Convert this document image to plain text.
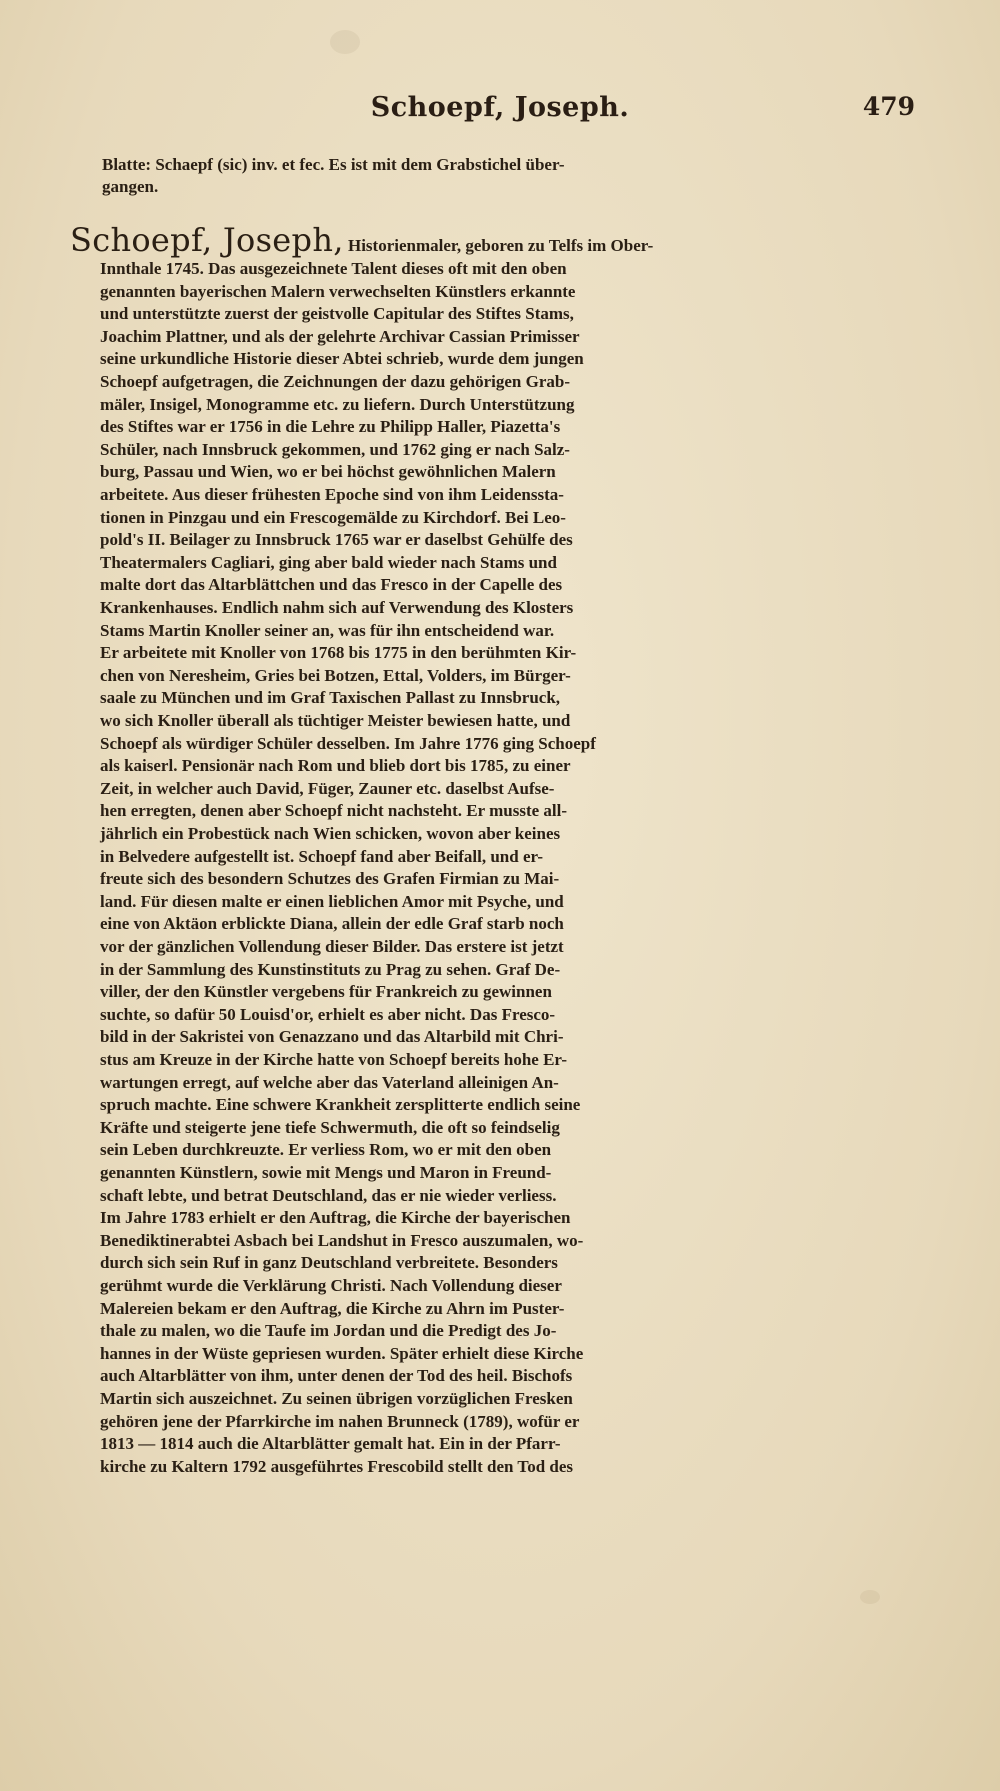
Schoepf, Joseph.	479
Blatte: Schaepf (sic) inv. et fec. Es ist mit dem Grabstichel über-
gangen.
Schoepf, Joseph, Historienmaler, geboren zu Telfs im Ober-
Innthale 1745. Das ausgezeichnete Talent dieses oft mit den oben
genannten bayerischen Malern verwechselten Künstlers erkannte
und unterstützte zuerst der geistvolle Capitular des Stiftes Stams,
Joachim Plattner, und als der gelehrte Archivar Cassian Primisser
seine urkundliche Historie dieser Abtei schrieb, wurde dem jungen
Schoepf aufgetragen, die Zeichnungen der dazu gehörigen Grab-
mäler, Insigel, Monogramme etc. zu liefern. Durch Unterstützung
des Stiftes war er 1756 in die Lehre zu Philipp Haller, Piazetta's
Schüler, nach Innsbruck gekommen, und 1762 ging er nach Salz-
burg, Passau und Wien, wo er bei höchst gewöhnlichen Malern
arbeitete. Aus dieser frühesten Epoche sind von ihm Leidenssta-
tionen in Pinzgau und ein Frescogemälde zu Kirchdorf. Bei Leo-
pold's II. Beilager zu Innsbruck 1765 war er daselbst Gehülfe des
Theatermalers Cagliari, ging aber bald wieder nach Stams und
malte dort das Altarblättchen und das Fresco in der Capelle des
Krankenhauses. Endlich nahm sich auf Verwendung des Klosters
Stams Martin Knoller seiner an, was für ihn entscheidend war.
Er arbeitete mit Knoller von 1768 bis 1775 in den berühmten Kir-
chen von Neresheim, Gries bei Botzen, Ettal, Volders, im Bürger-
saale zu München und im Graf Taxischen Pallast zu Innsbruck,
wo sich Knoller überall als tüchtiger Meister bewiesen hatte, und
Schoepf als würdiger Schüler desselben. Im Jahre 1776 ging Schoepf
als kaiserl. Pensionär nach Rom und blieb dort bis 1785, zu einer
Zeit, in welcher auch David, Füger, Zauner etc. daselbst Aufse-
hen erregten, denen aber Schoepf nicht nachsteht. Er musste all-
jährlich ein Probestück nach Wien schicken, wovon aber keines
in Belvedere aufgestellt ist. Schoepf fand aber Beifall, und er-
freute sich des besondern Schutzes des Grafen Firmian zu Mai-
land. Für diesen malte er einen lieblichen Amor mit Psyche, und
eine von Aktäon erblickte Diana, allein der edle Graf starb noch
vor der gänzlichen Vollendung dieser Bilder. Das erstere ist jetzt
in der Sammlung des Kunstinstituts zu Prag zu sehen. Graf De-
viller, der den Künstler vergebens für Frankreich zu gewinnen
suchte, so dafür 50 Louisd'or, erhielt es aber nicht. Das Fresco-
bild in der Sakristei von Genazzano und das Altarbild mit Chri-
stus am Kreuze in der Kirche hatte von Schoepf bereits hohe Er-
wartungen erregt, auf welche aber das Vaterland alleinigen An-
spruch machte. Eine schwere Krankheit zersplitterte endlich seine
Kräfte und steigerte jene tiefe Schwermuth, die oft so feindselig
sein Leben durchkreuzte. Er verliess Rom, wo er mit den oben
genannten Künstlern, sowie mit Mengs und Maron in Freund-
schaft lebte, und betrat Deutschland, das er nie wieder verliess.
Im Jahre 1783 erhielt er den Auftrag, die Kirche der bayerischen
Benediktinerabtei Asbach bei Landshut in Fresco auszumalen, wo-
durch sich sein Ruf in ganz Deutschland verbreitete. Besonders
gerühmt wurde die Verklärung Christi. Nach Vollendung dieser
Malereien bekam er den Auftrag, die Kirche zu Ahrn im Puster-
thale zu malen, wo die Taufe im Jordan und die Predigt des Jo-
hannes in der Wüste gepriesen wurden. Später erhielt diese Kirche
auch Altarblätter von ihm, unter denen der Tod des heil. Bischofs
Martin sich auszeichnet. Zu seinen übrigen vorzüglichen Fresken
gehören jene der Pfarrkirche im nahen Brunneck (1789), wofür er
1813 — 1814 auch die Altarblätter gemalt hat. Ein in der Pfarr-
kirche zu Kaltern 1792 ausgeführtes Frescobild stellt den Tod des
